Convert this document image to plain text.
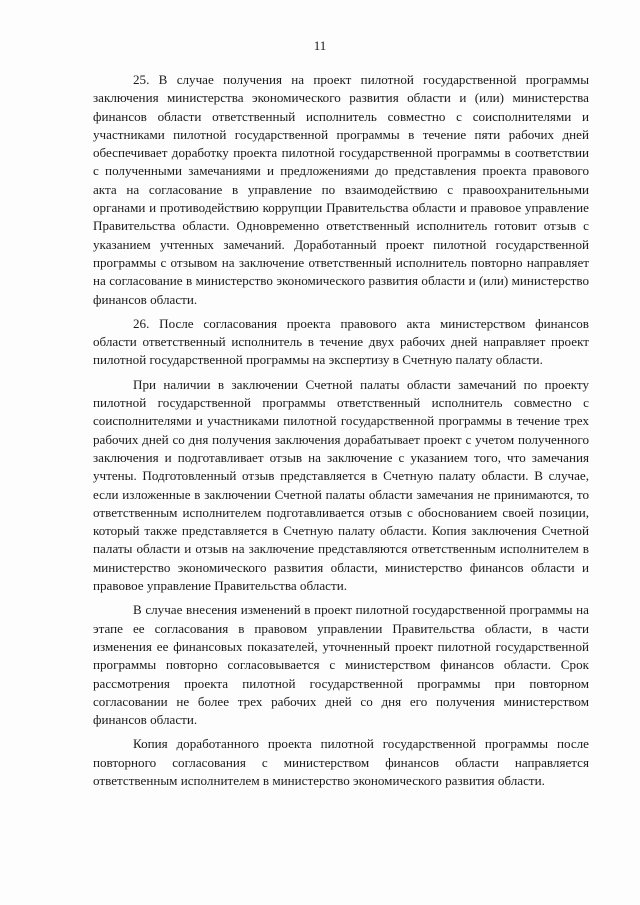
11

25. В случае получения на проект пилотной государственной программы заключения министерства экономического развития области и (или) министерства финансов области ответственный исполнитель совместно с соисполнителями и участниками пилотной государственной программы в течение пяти рабочих дней обеспечивает доработку проекта пилотной государственной программы в соответствии с полученными замечаниями и предложениями до представления проекта правового акта на согласование в управление по взаимодействию с правоохранительными органами и противодействию коррупции Правительства области и правовое управление Правительства области. Одновременно ответственный исполнитель готовит отзыв с указанием учтенных замечаний. Доработанный проект пилотной государственной программы с отзывом на заключение ответственный исполнитель повторно направляет на согласование в министерство экономического развития области и (или) министерство финансов области.

26. После согласования проекта правового акта министерством финансов области ответственный исполнитель в течение двух рабочих дней направляет проект пилотной государственной программы на экспертизу в Счетную палату области.

При наличии в заключении Счетной палаты области замечаний по проекту пилотной государственной программы ответственный исполнитель совместно с соисполнителями и участниками пилотной государственной программы в течение трех рабочих дней со дня получения заключения дорабатывает проект с учетом полученного заключения и подготавливает отзыв на заключение с указанием того, что замечания учтены. Подготовленный отзыв представляется в Счетную палату области. В случае, если изложенные в заключении Счетной палаты области замечания не принимаются, то ответственным исполнителем подготавливается отзыв с обоснованием своей позиции, который также представляется в Счетную палату области. Копия заключения Счетной палаты области и отзыв на заключение представляются ответственным исполнителем в министерство экономического развития области, министерство финансов области и правовое управление Правительства области.

В случае внесения изменений в проект пилотной государственной программы на этапе ее согласования в правовом управлении Правительства области, в части изменения ее финансовых показателей, уточненный проект пилотной государственной программы повторно согласовывается с министерством финансов области. Срок рассмотрения проекта пилотной государственной программы при повторном согласовании не более трех рабочих дней со дня его получения министерством финансов области.

Копия доработанного проекта пилотной государственной программы после повторного согласования с министерством финансов области направляется ответственным исполнителем в министерство экономического развития области.
